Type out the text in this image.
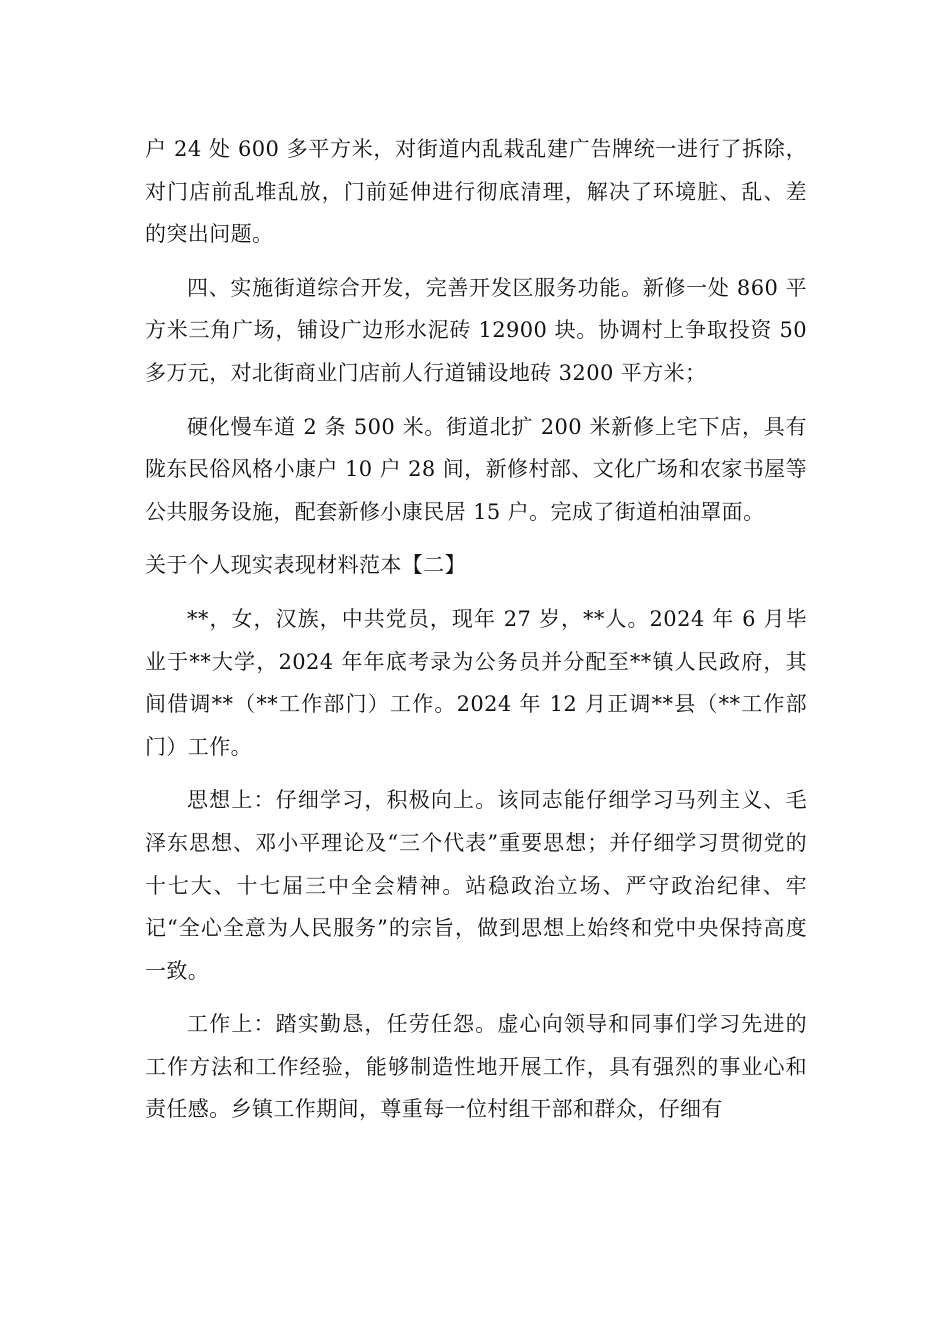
户 24 处 600 多平方米，对街道内乱栽乱建广告牌统一进行了拆除，对门店前乱堆乱放，门前延伸进行彻底清理，解决了环境脏、乱、差的突出问题。

四、实施街道综合开发，完善开发区服务功能。新修一处 860 平方米三角广场，铺设广边形水泥砖 12900 块。协调村上争取投资 50 多万元，对北街商业门店前人行道铺设地砖 3200 平方米；

硬化慢车道 2 条 500 米。街道北扩 200 米新修上宅下店，具有陇东民俗风格小康户 10 户 28 间，新修村部、文化广场和农家书屋等公共服务设施，配套新修小康民居 15 户。完成了街道柏油罩面。

关于个人现实表现材料范本【二】

**，女，汉族，中共党员，现年 27 岁，**人。2024 年 6 月毕业于**大学，2024 年年底考录为公务员并分配至**镇人民政府，其间借调**（**工作部门）工作。2024 年 12 月正调**县（**工作部门）工作。

思想上：仔细学习，积极向上。该同志能仔细学习马列主义、毛泽东思想、邓小平理论及“三个代表”重要思想；并仔细学习贯彻党的十七大、十七届三中全会精神。站稳政治立场、严守政治纪律、牢记“全心全意为人民服务”的宗旨，做到思想上始终和党中央保持高度一致。

工作上：踏实勤恳，任劳任怨。虚心向领导和同事们学习先进的工作方法和工作经验，能够制造性地开展工作，具有强烈的事业心和责任感。乡镇工作期间，尊重每一位村组干部和群众，仔细有
